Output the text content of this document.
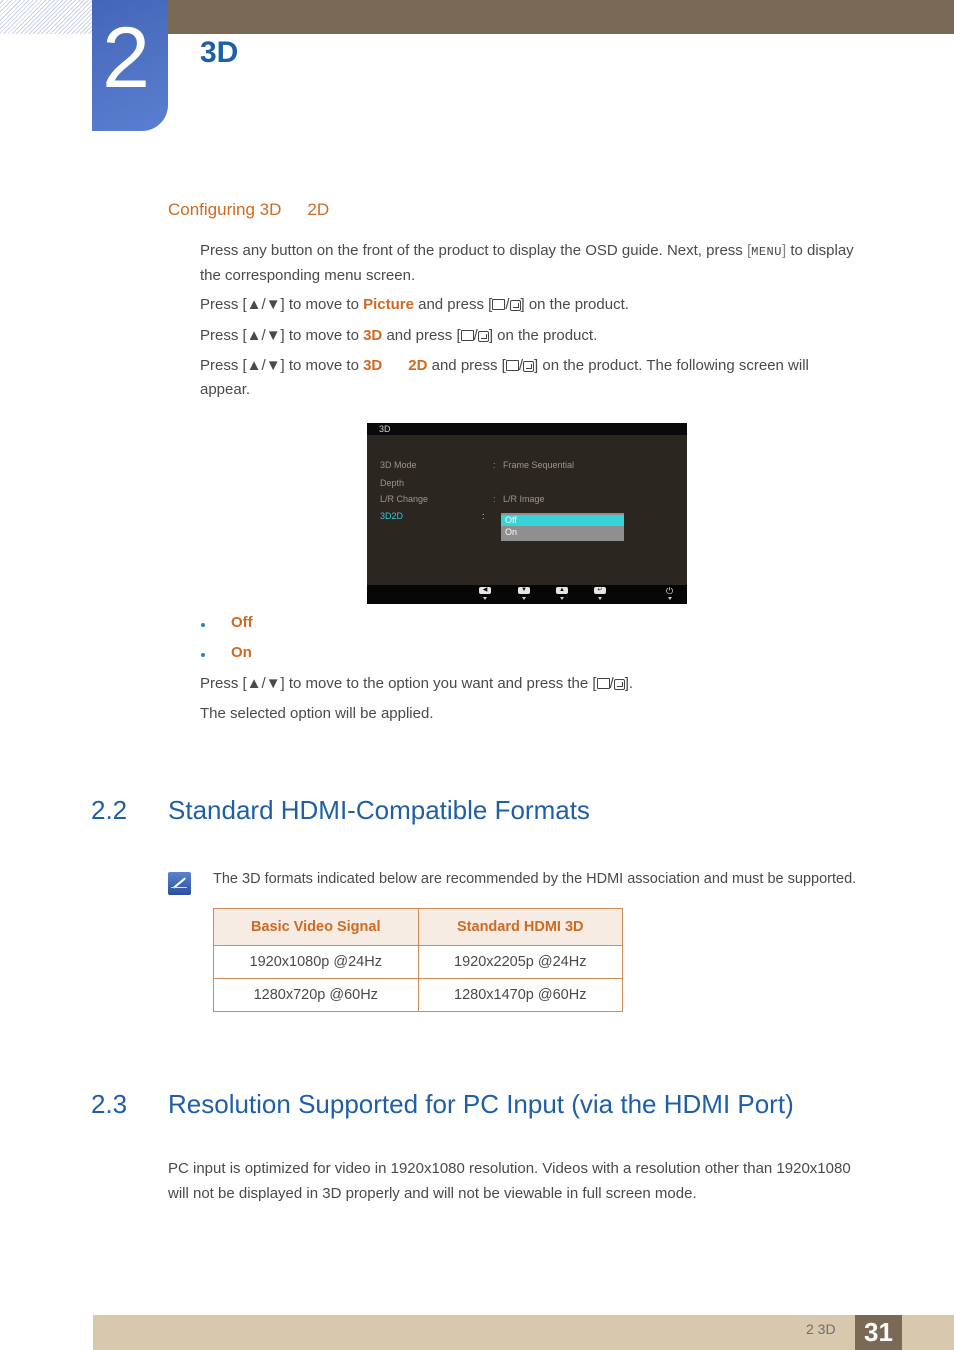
2	3D
Configuring 3D 2D
Press any button on the front of the product to display the OSD guide. Next, press [MENU] to display
the corresponding menu screen.
Press [▲/▼] to move to Picture and press [ / ] on the product.
Press [▲/▼] to move to 3D and press [ / ] on the product.
Press [▲/▼] to move to 3D 2D and press [ / ] on the product. The following screen will
appear.
3D
3D Mode	: Frame Sequential
Depth
L/R Change	: L/R Image
3D2D	: Off
On
◀	▼	▲	↵	⏻
Off
On
Press [▲/▼] to move to the option you want and press the [ / ].
The selected option will be applied.
2.2 Standard HDMI-Compatible Formats
The 3D formats indicated below are recommended by the HDMI association and must be supported.
Basic Video Signal	Standard HDMI 3D
1920x1080p @24Hz	1920x2205p @24Hz
1280x720p @60Hz	1280x1470p @60Hz
2.3 Resolution Supported for PC Input (via the HDMI Port)
PC input is optimized for video in 1920x1080 resolution. Videos with a resolution other than 1920x1080
will not be displayed in 3D properly and will not be viewable in full screen mode.
2 3D	31
